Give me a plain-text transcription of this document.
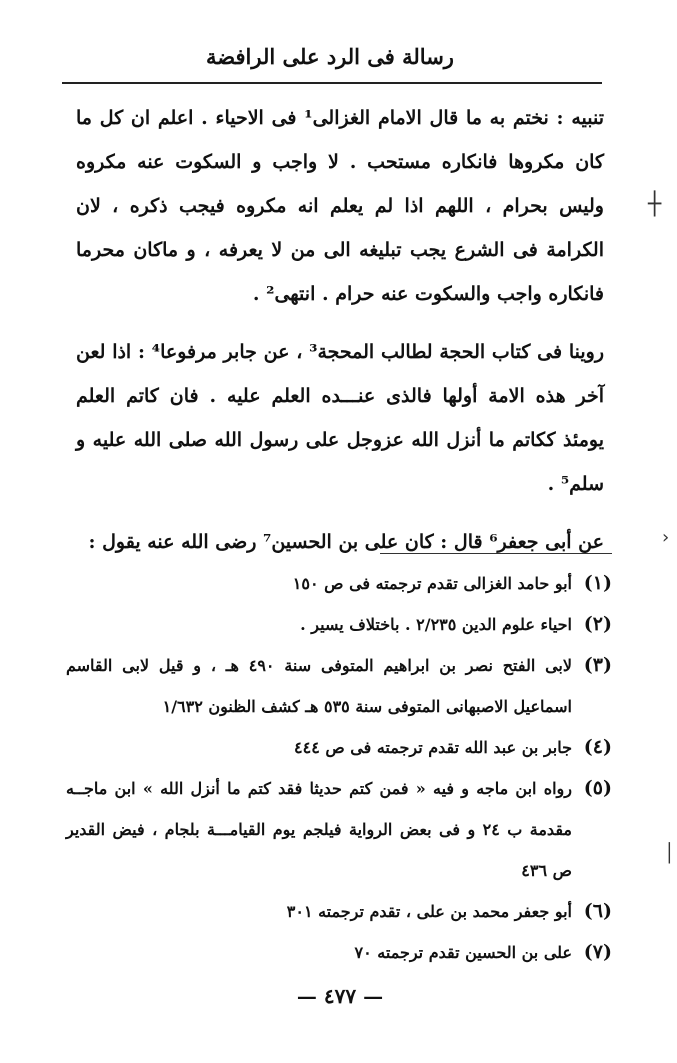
رسالة فى الرد على الرافضة

تنبيه : نختم به ما قال الامام الغزالى¹ فى الاحياء . اعلم ان كل ما كان مكروها فانكاره مستحب . لا واجب و السكوت عنه مكروه وليس بحرام ، اللهم اذا لم يعلم انه مكروه فيجب ذكره ، لان الكرامة فى الشرع يجب تبليغه الى من لا يعرفه ، و ماكان محرما فانكاره واجب والسكوت عنه حرام . انتهى² .

روينا فى كتاب الحجة لطالب المحجة³ ، عن جابر مرفوعا⁴ : اذا لعن آخر هذه الامة أولها فالذى عنـــده العلم عليه . فان كاتم العلم يومئذ ككاتم ما أنزل الله عزوجل على رسول الله صلى الله عليه و سلم⁵ .

عن أبى جعفر⁶ قال : كان على بن الحسين⁷ رضى الله عنه يقول :

(١)
أبو حامد الغزالى تقدم ترجمته فى ص ١٥٠
(٢)
احياء علوم الدين ٢/٢٣٥ . باختلاف يسير .
(٣)
لابى الفتح نصر بن ابراهيم المتوفى سنة ٤٩٠ هـ ، و قيل لابى القاسم اسماعيل الاصبهانى المتوفى سنة ٥٣٥ هـ كشف الظنون ١/٦٣٢
(٤)
جابر بن عبد الله تقدم ترجمته فى ص ٤٤٤
(٥)
رواه ابن ماجه و فيه « فمن كتم حديثا فقد كتم ما أنزل الله » ابن ماجــه مقدمة ب ٢٤ و فى بعض الرواية فيلجم يوم القيامـــة بلجام ، فيض القدير ص ٤٣٦
(٦)
أبو جعفر محمد بن على ، تقدم ترجمته ٣٠١
(٧)
على بن الحسين تقدم ترجمته ٧٠
— ٤٧٧ —
┼
›
│
